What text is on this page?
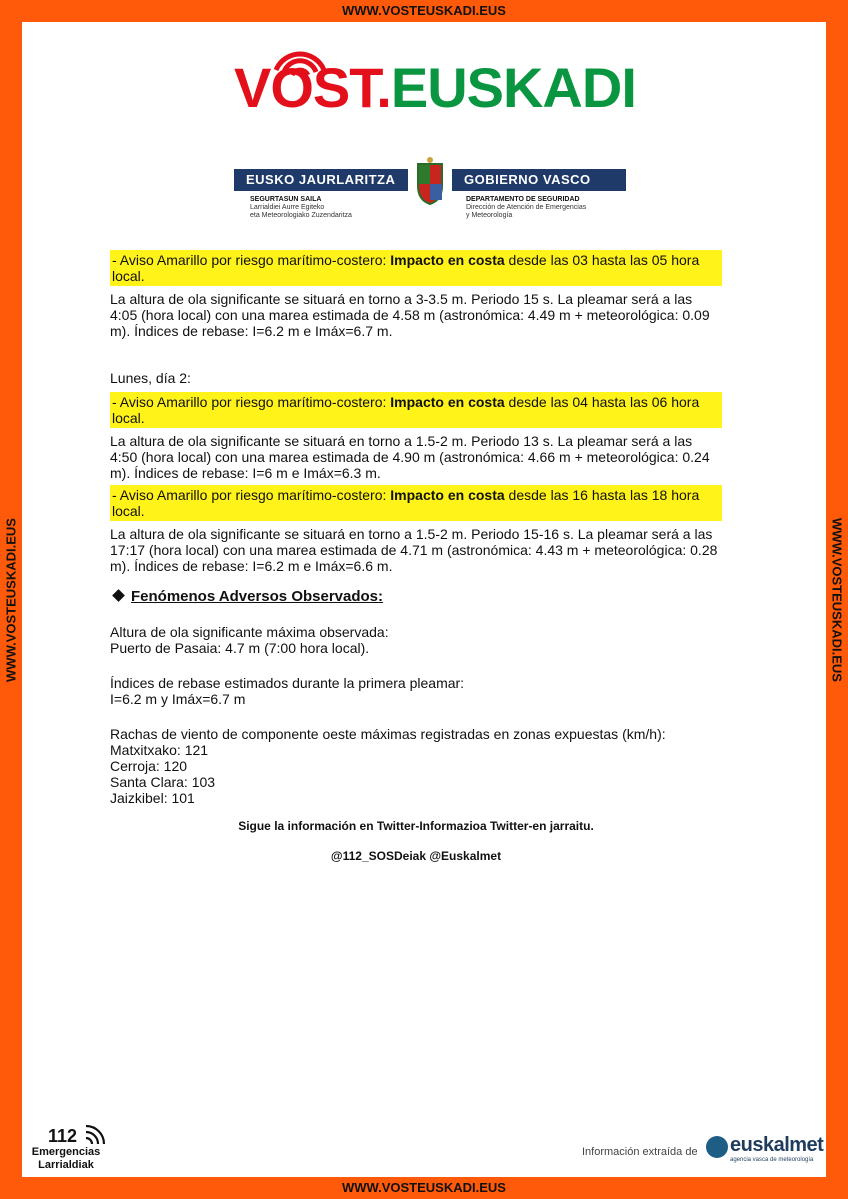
WWW.VOSTEUSKADI.EUS
WWW.VOSTEUSKADI.EUS
WWW.VOSTEUSKADI.EUS	WWW.VOSTEUSKADI.EUS
VOST.EUSKADI
EUSKO JAURLARITZA	GOBIERNO VASCO
SEGURTASUN SAILA
Larrialdiei Aurre Egiteko
eta Meteorologiako Zuzendaritza
DEPARTAMENTO DE SEGURIDAD
Dirección de Atención de Emergencias
y Meteorología

- Aviso Amarillo por riesgo marítimo-costero: Impacto en costa desde las 03 hasta las 05 hora local.

La altura de ola significante se situará en torno a 3-3.5 m. Periodo 15 s. La pleamar será a las 4:05 (hora local) con una marea estimada de 4.58 m (astronómica: 4.49 m + meteorológica: 0.09 m). Índices de rebase: I=6.2 m e Imáx=6.7 m.

Lunes, día 2:

- Aviso Amarillo por riesgo marítimo-costero: Impacto en costa desde las 04 hasta las 06 hora local.

La altura de ola significante se situará en torno a 1.5-2 m. Periodo 13 s. La pleamar será a las 4:50 (hora local) con una marea estimada de 4.90 m (astronómica: 4.66 m + meteorológica: 0.24 m). Índices de rebase: I=6 m e Imáx=6.3 m.

- Aviso Amarillo por riesgo marítimo-costero: Impacto en costa desde las 16 hasta las 18 hora local.

La altura de ola significante se situará en torno a 1.5-2 m. Periodo 15-16 s. La pleamar será a las 17:17 (hora local) con una marea estimada de 4.71 m (astronómica: 4.43 m + meteorológica: 0.28 m). Índices de rebase: I=6.2 m e Imáx=6.6 m.

Fenómenos Adversos Observados:

Altura de ola significante máxima observada:

Puerto de Pasaia: 4.7 m (7:00 hora local).

Índices de rebase estimados durante la primera pleamar:

I=6.2 m y Imáx=6.7 m

Rachas de viento de componente oeste máximas registradas en zonas expuestas (km/h):

Matxitxako: 121

Cerroja: 120

Santa Clara: 103

Jaizkibel: 101

Sigue la información en Twitter-Informazioa Twitter-en jarraitu.
@112_SOSDeiak @Euskalmet
112
Emergencias
Larrialdiak
Información extraída de euskalmet
agencia vasca de meteorología
